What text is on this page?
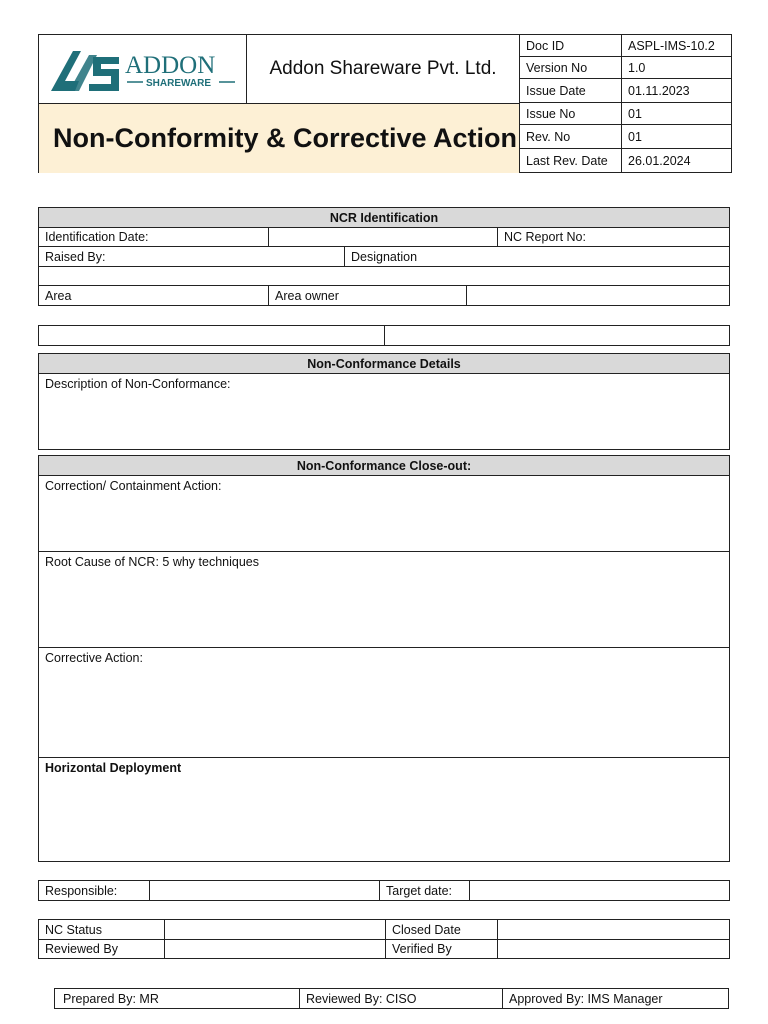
ADDON
SHAREWARE
Addon Shareware Pvt. Ltd.
Non-Conformity & Corrective Action
Doc ID	ASPL-IMS-10.2
Version No	1.0
Issue Date	01.11.2023
Issue No	01
Rev. No	01
Last Rev. Date	26.01.2024
NCR Identification
Identification Date:	NC Report No:
Raised By:	Designation
Area	Area owner
Non-Conformance Details
Description of Non-Conformance:
Non-Conformance Close-out:
Correction/ Containment Action:
Root Cause of NCR: 5 why techniques
Corrective Action:
Horizontal Deployment
Responsible:	Target date:
NC Status	Closed Date
Reviewed By	Verified By
Prepared By: MR	Reviewed By: CISO	Approved By: IMS Manager
